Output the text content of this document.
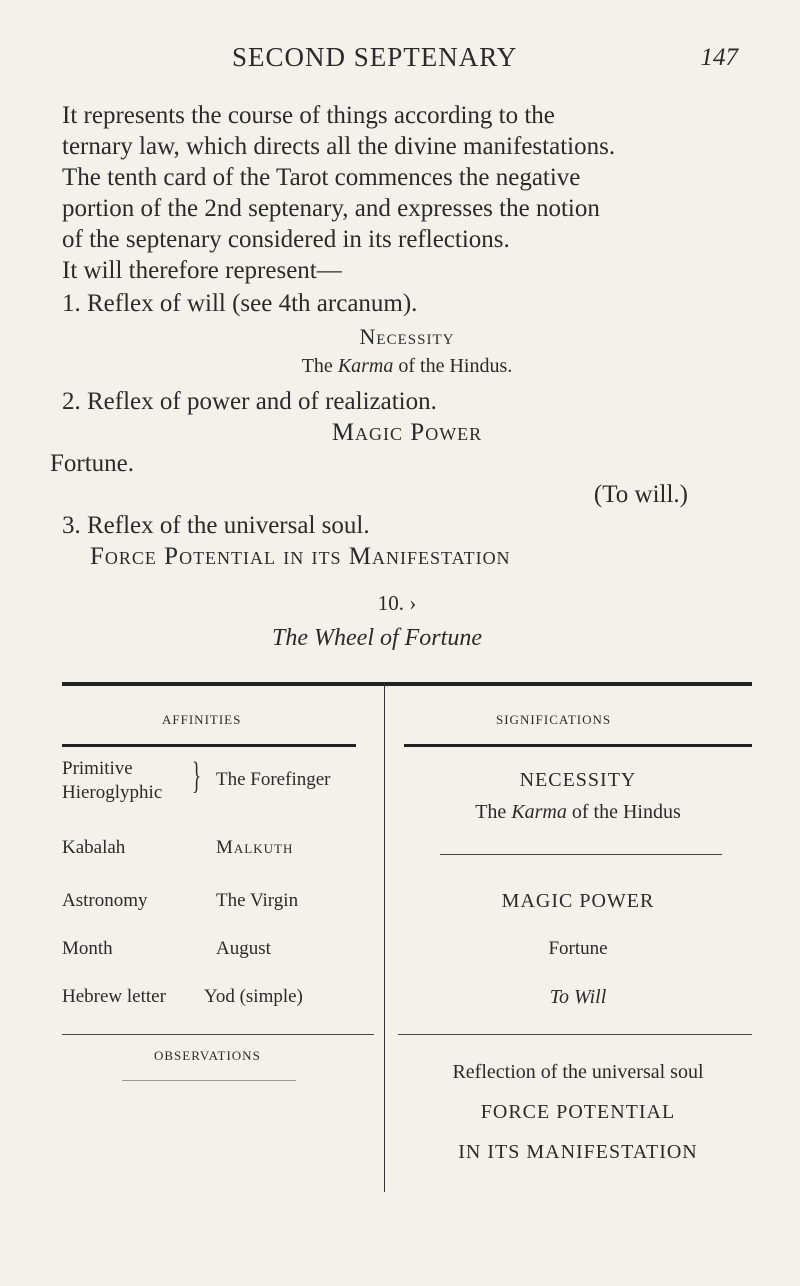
SECOND SEPTENARY	147
It represents the course of things according to the
ternary law, which directs all the divine manifestations.
The tenth card of the Tarot commences the negative
portion of the 2nd septenary, and expresses the notion
of the septenary considered in its reflections.
It will therefore represent—
1. Reflex of will (see 4th arcanum).
Necessity
The Karma of the Hindus.
2. Reflex of power and of realization.
Magic Power
Fortune.
(To will.)
3. Reflex of the universal soul.
Force Potential in its Manifestation
10. ›
The Wheel of Fortune
AFFINITIES	SIGNIFICATIONS
Primitive
Hieroglyphic } The Forefinger
Kabalah	Malkuth
Astronomy	The Virgin
Month	August
Hebrew letter Yod (simple)
OBSERVATIONS
NECESSITY
The Karma of the Hindus
MAGIC POWER
Fortune
To Will
Reflection of the universal soul
FORCE POTENTIAL
IN ITS MANIFESTATION
